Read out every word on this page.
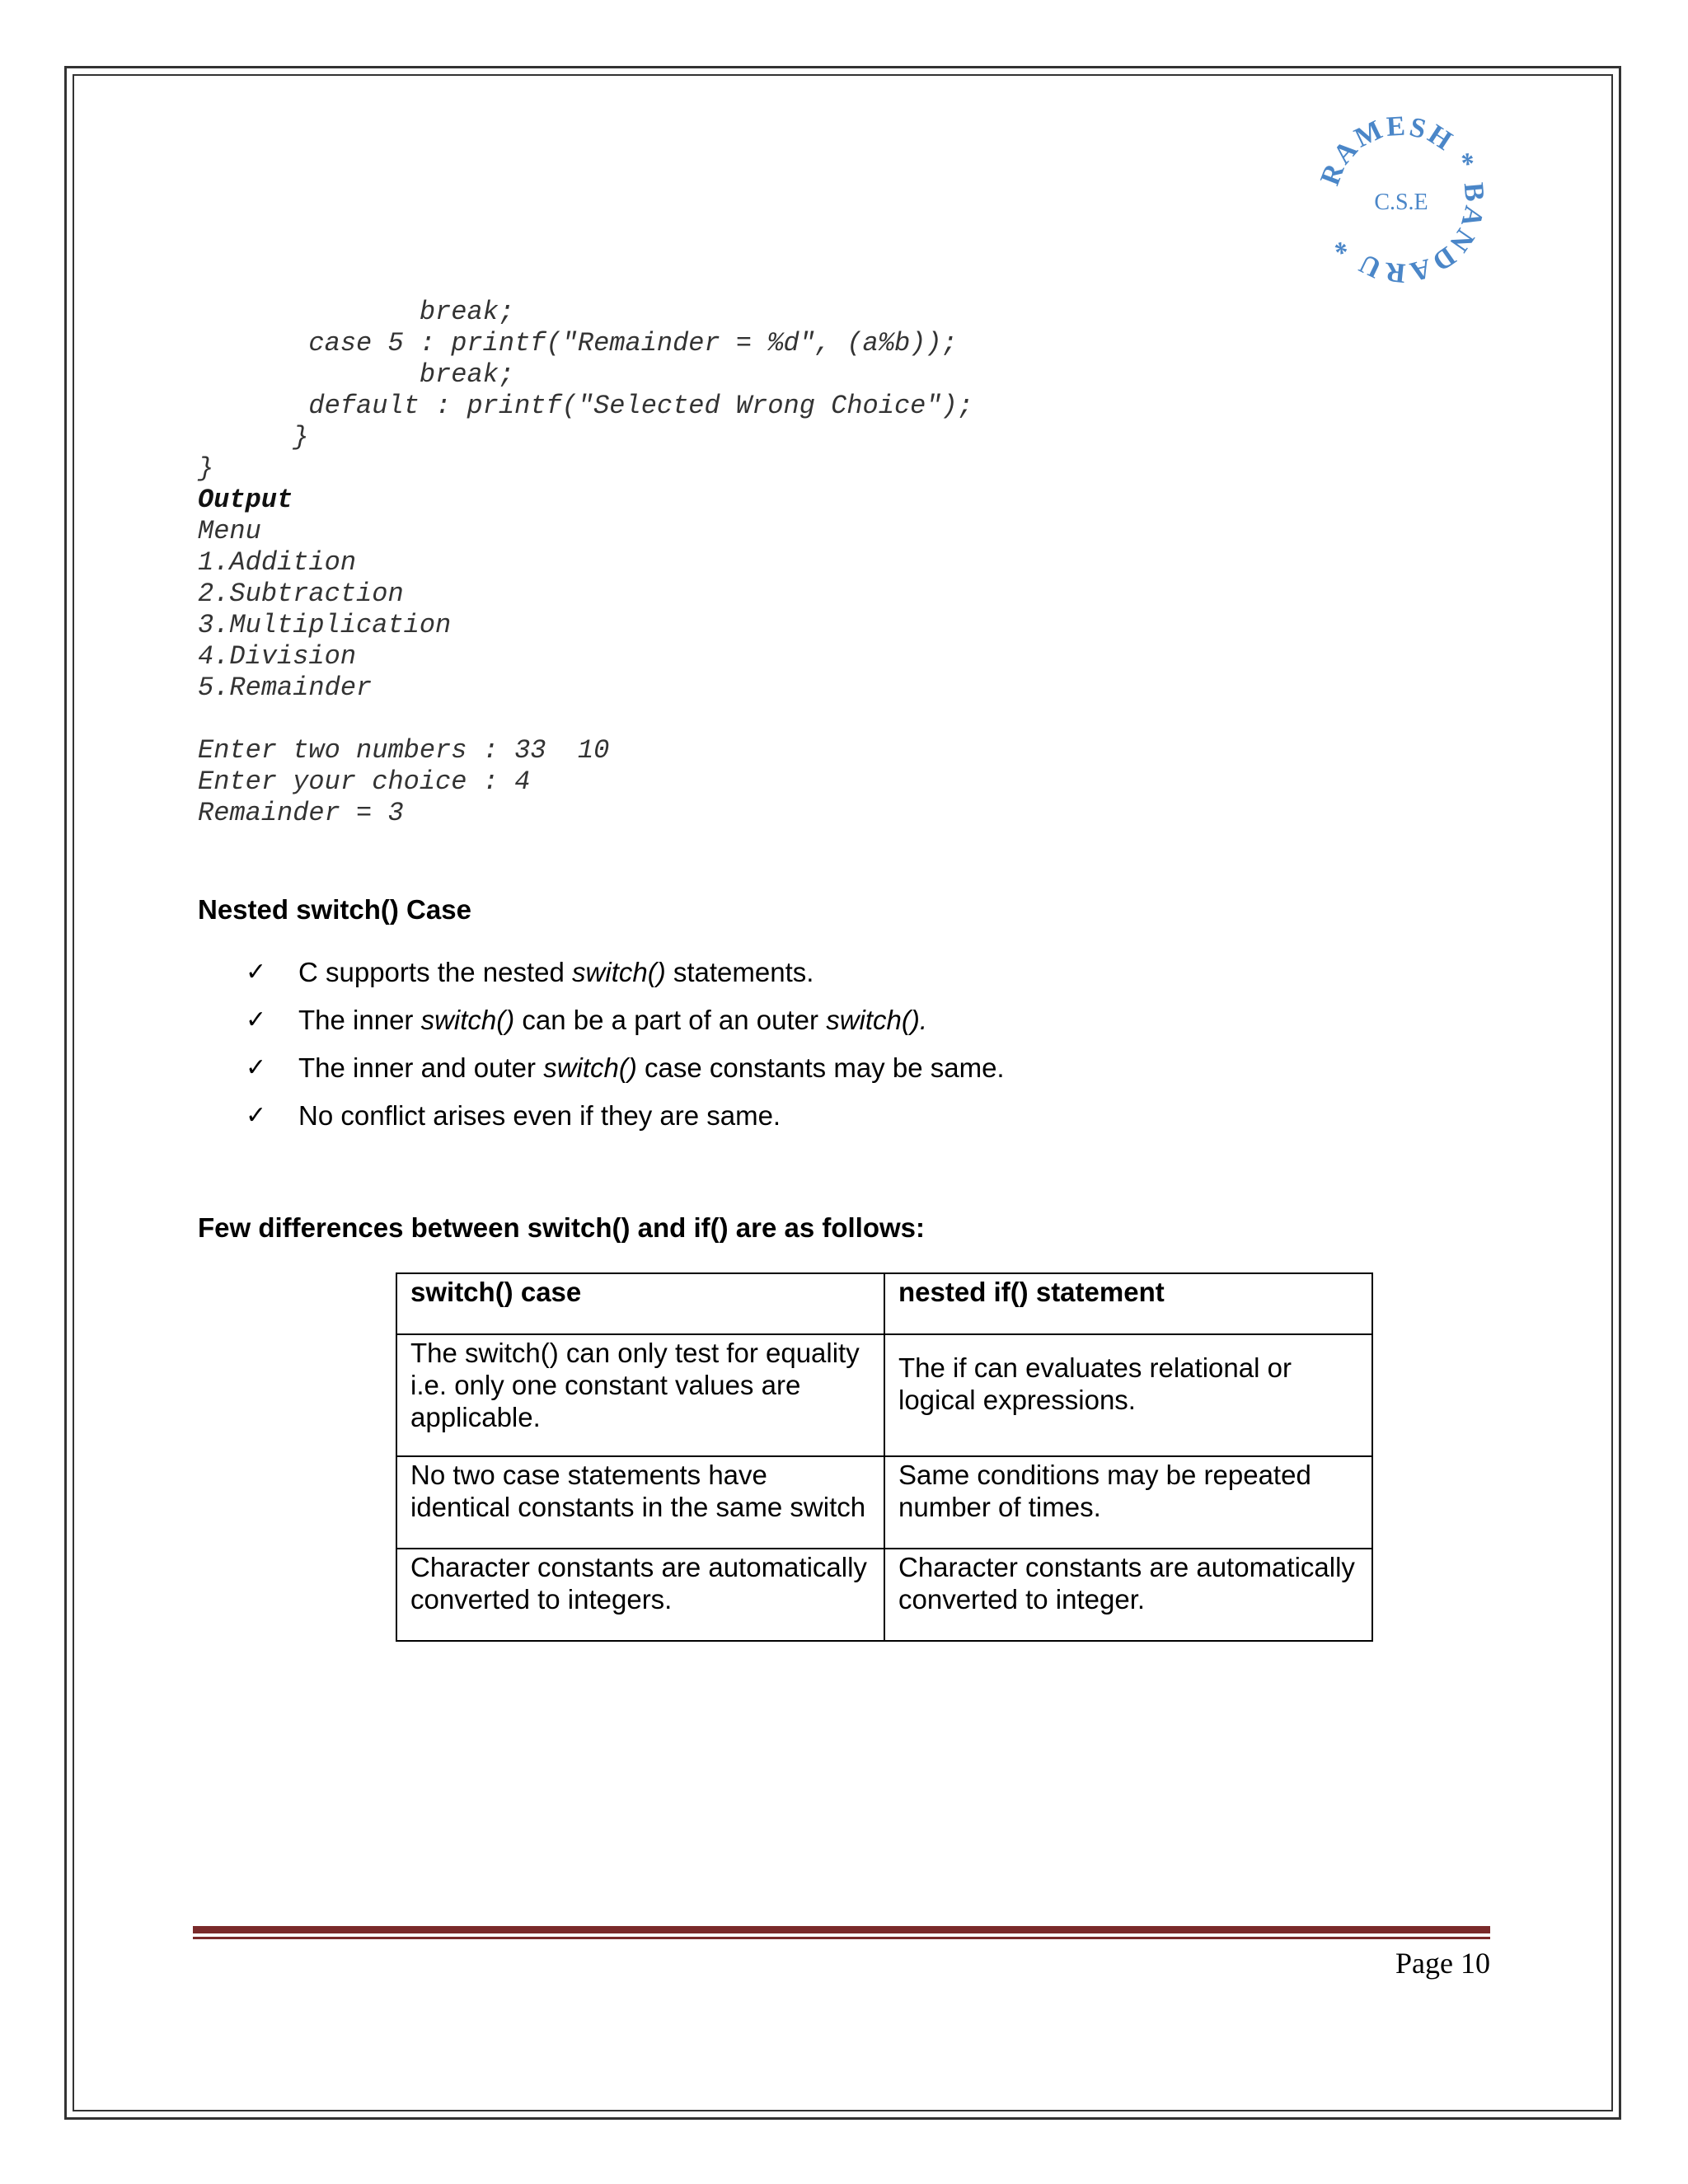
RAMESH * BANDARU *
C.S.E
break;
case 5 : printf("Remainder = %d", (a%b));
break;
default : printf("Selected Wrong Choice");
}
}
Output
Menu
1.Addition
2.Subtraction
3.Multiplication
4.Division
5.Remainder
Enter two numbers : 33  10
Enter your choice : 4
Remainder = 3
Nested switch() Case
✓ C supports the nested switch() statements.
✓ The inner switch() can be a part of an outer switch().
✓ The inner and outer switch() case constants may be same.
✓ No conflict arises even if they are same.
Few differences between switch() and if() are as follows:
switch() case	nested if() statement
The switch() can only test for equality i.e. only one constant values are applicable.	The if can evaluates relational or logical expressions.

No two case statements have identical constants in the same switch	Same conditions may be repeated number of times.
Character constants are automatically converted to integers.	Character constants are automatically converted to integer.
Page 10
